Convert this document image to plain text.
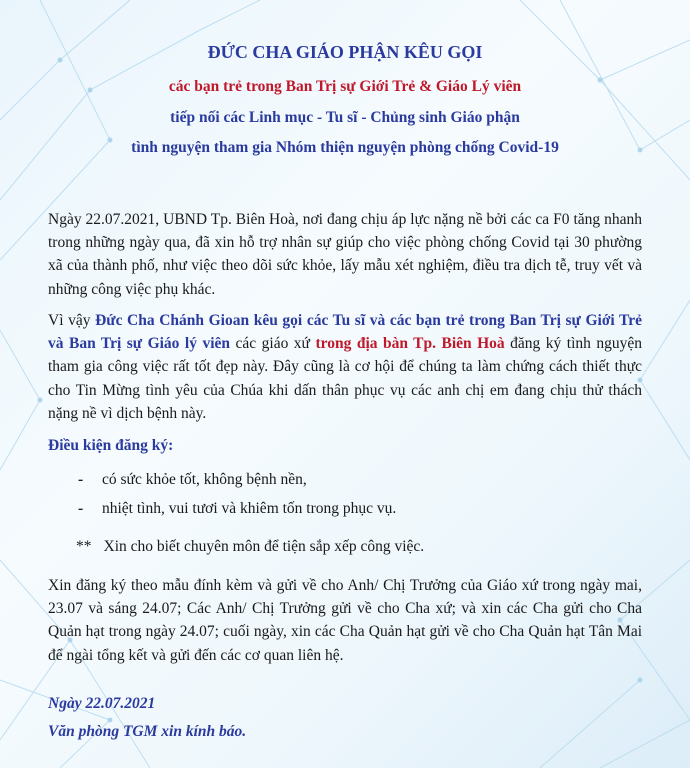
ĐỨC CHA GIÁO PHẬN KÊU GỌI
các bạn trẻ trong Ban Trị sự Giới Trẻ & Giáo Lý viên
tiếp nối các Linh mục - Tu sĩ - Chủng sinh Giáo phận
tình nguyện tham gia Nhóm thiện nguyện phòng chống Covid-19
Ngày 22.07.2021, UBND Tp. Biên Hoà, nơi đang chịu áp lực nặng nề bởi các ca F0 tăng nhanh trong những ngày qua, đã xin hỗ trợ nhân sự giúp cho việc phòng chống Covid tại 30 phường xã của thành phố, như việc theo dõi sức khỏe, lấy mẫu xét nghiệm, điều tra dịch tễ, truy vết và những công việc phụ khác.
Vì vậy Đức Cha Chánh Gioan kêu gọi các Tu sĩ và các bạn trẻ trong Ban Trị sự Giới Trẻ và Ban Trị sự Giáo lý viên các giáo xứ trong địa bàn Tp. Biên Hoà đăng ký tình nguyện tham gia công việc rất tốt đẹp này. Đây cũng là cơ hội để chúng ta làm chứng cách thiết thực cho Tin Mừng tình yêu của Chúa khi dấn thân phục vụ các anh chị em đang chịu thử thách nặng nề vì dịch bệnh này.
Điều kiện đăng ký:
- có sức khỏe tốt, không bệnh nền,
- nhiệt tình, vui tươi và khiêm tốn trong phục vụ.
** Xin cho biết chuyên môn để tiện sắp xếp công việc.
Xin đăng ký theo mẫu đính kèm và gửi về cho Anh/ Chị Trưởng của Giáo xứ trong ngày mai, 23.07 và sáng 24.07; Các Anh/ Chị Trưởng gửi về cho Cha xứ; và xin các Cha gửi cho Cha Quản hạt trong ngày 24.07; cuối ngày, xin các Cha Quản hạt gửi về cho Cha Quản hạt Tân Mai để ngài tổng kết và gửi đến các cơ quan liên hệ.
Ngày 22.07.2021
Văn phòng TGM xin kính báo.
